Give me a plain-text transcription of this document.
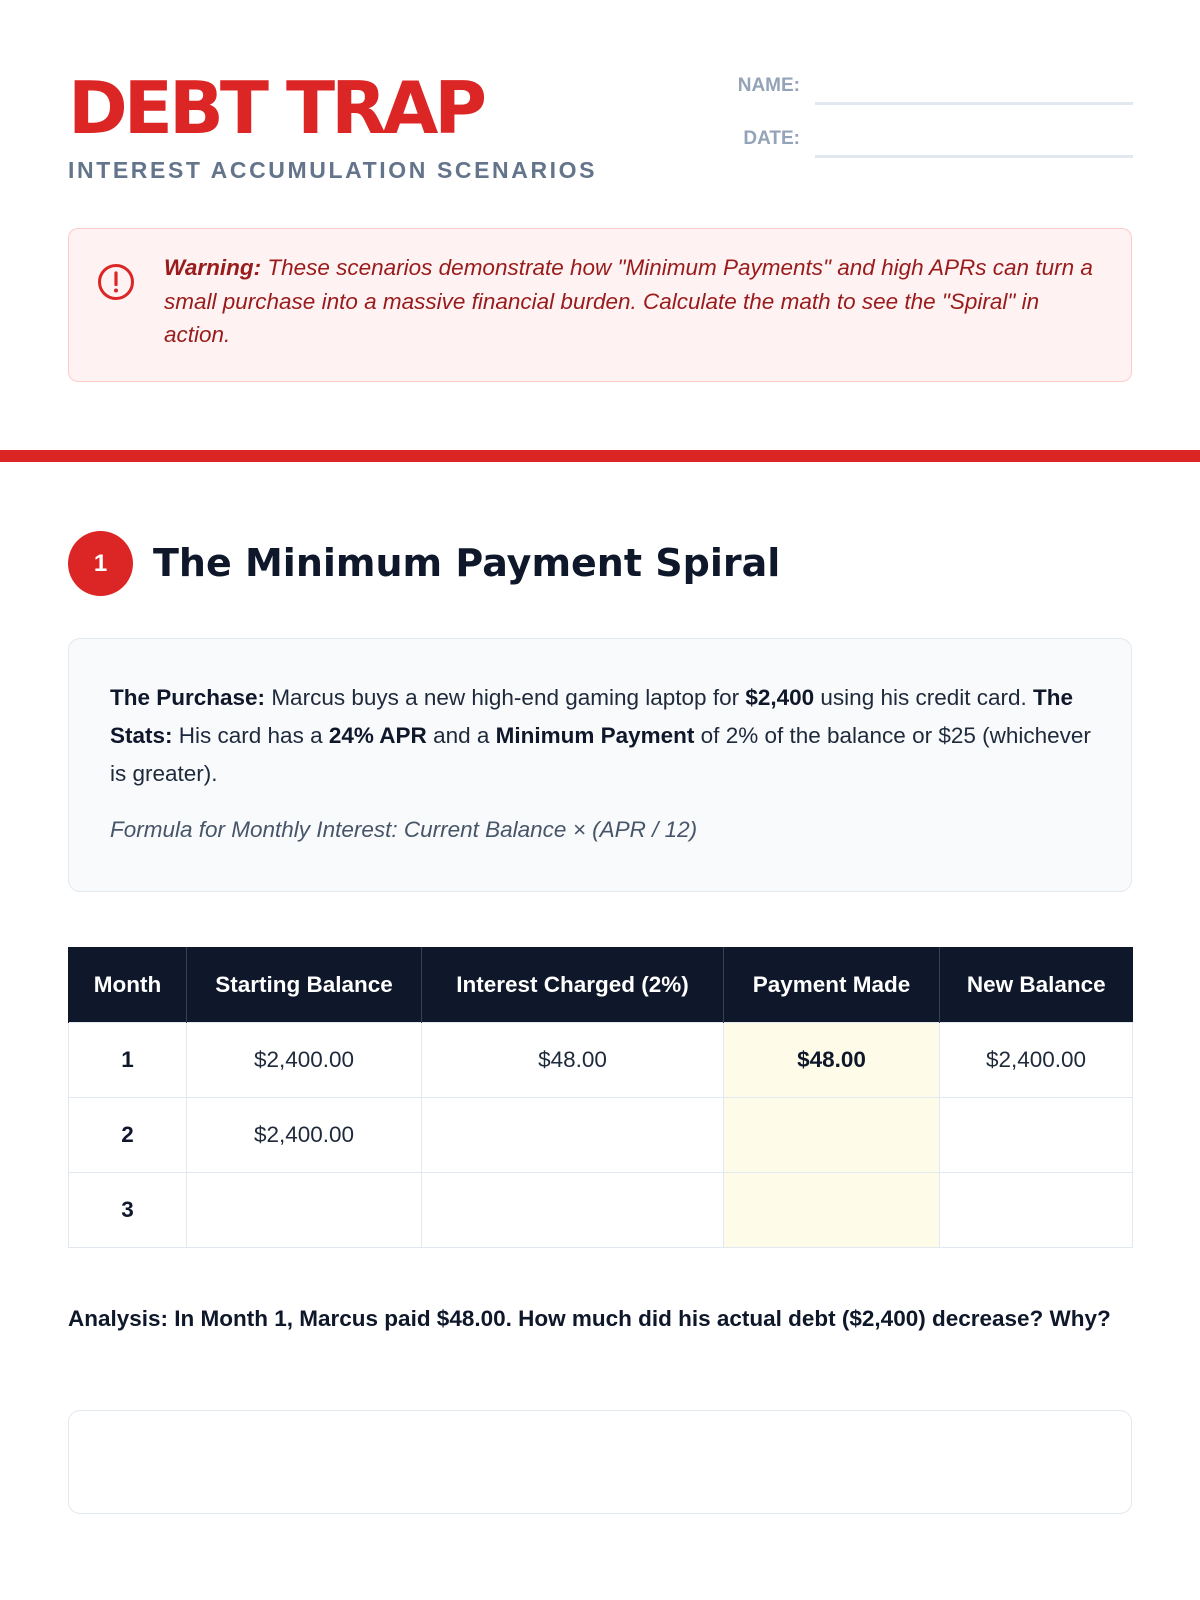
DEBT TRAP
INTEREST ACCUMULATION SCENARIOS
NAME:
DATE:
Warning: These scenarios demonstrate how "Minimum Payments" and high APRs can turn a small purchase into a massive financial burden. Calculate the math to see the "Spiral" in action.
1	The Minimum Payment Spiral
The Purchase: Marcus buys a new high-end gaming laptop for $2,400 using his credit card. The Stats: His card has a 24% APR and a Minimum Payment of 2% of the balance or $25 (whichever is greater).
Formula for Monthly Interest: Current Balance × (APR / 12)
Month	Starting Balance	Interest Charged (2%)	Payment Made	New Balance
1	$2,400.00	$48.00	$48.00	$2,400.00
2	$2,400.00			
3				
Analysis: In Month 1, Marcus paid $48.00. How much did his actual debt ($2,400) decrease? Why?
